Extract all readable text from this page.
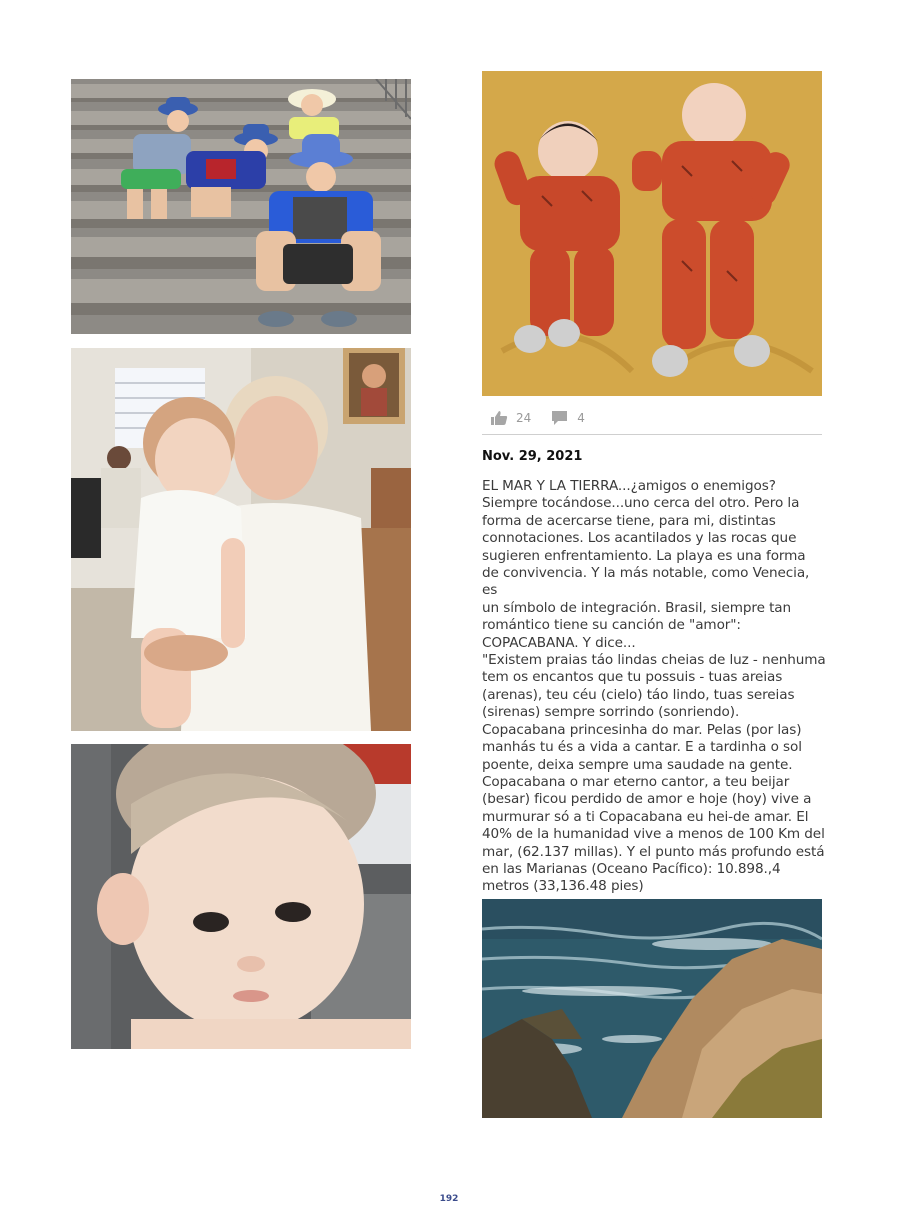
24	4
Nov. 29, 2021
EL MAR Y LA TIERRA...¿amigos o enemigos?
Siempre tocándose...uno cerca del otro. Pero la
forma de acercarse tiene, para mi, distintas
connotaciones. Los acantilados y las rocas que
sugieren enfrentamiento. La playa es una forma
de convivencia. Y la más notable, como Venecia, es
un símbolo de integración. Brasil, siempre tan
romántico tiene su canción de "amor":
COPACABANA. Y dice...
"Existem praias táo lindas cheias de luz - nenhuma
tem os encantos que tu possuis - tuas areias
(arenas), teu céu (cielo) táo lindo, tuas sereias
(sirenas) sempre sorrindo (sonriendo).
Copacabana princesinha do mar. Pelas (por las)
manhás tu és a vida a cantar. E a tardinha o sol
poente, deixa sempre uma saudade na gente.
Copacabana o mar eterno cantor, a teu beijar
(besar) ficou perdido de amor e hoje (hoy) vive a
murmurar só a ti Copacabana eu hei-de amar. El
40% de la humanidad vive a menos de 100 Km del
mar, (62.137 millas). Y el punto más profundo está
en las Marianas (Oceano Pacífico): 10.898.,4
metros (33,136.48 pies)
192
